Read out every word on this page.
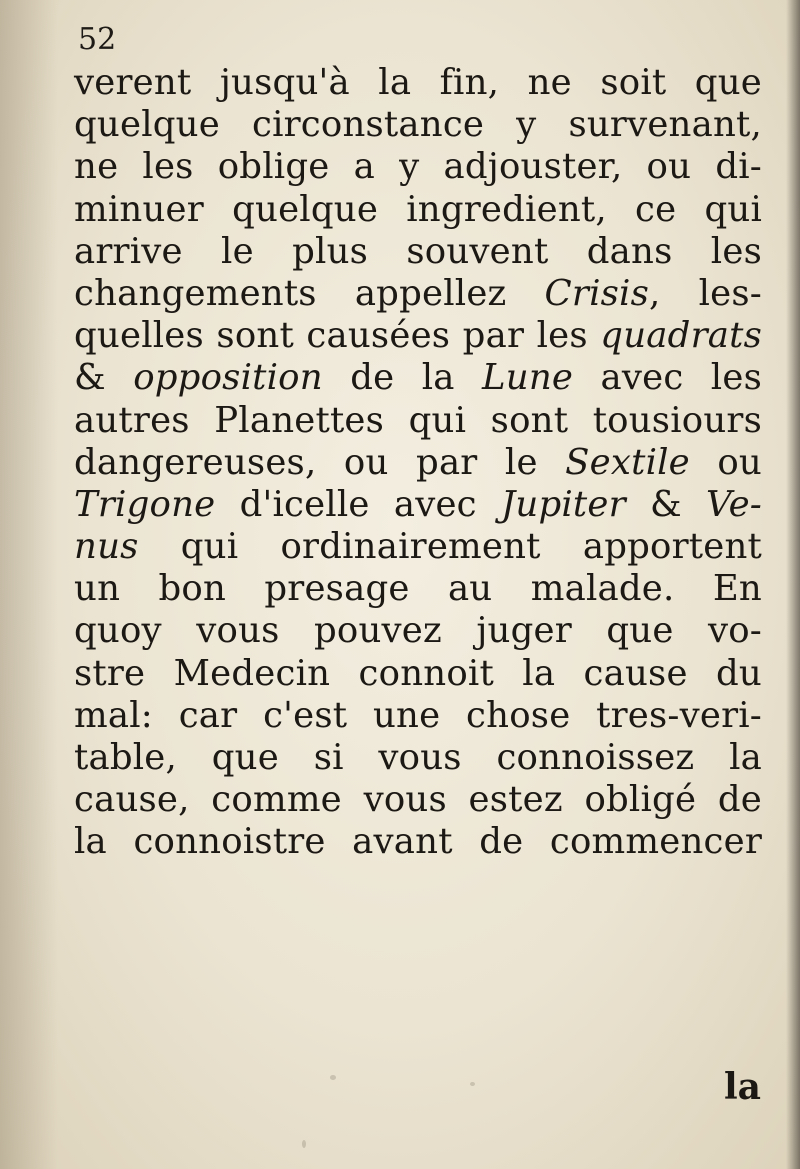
52
verent jusqu'à la fin, ne soit que
quelque circonstance y survenant,
ne les oblige a y adjouster, ou di-
minuer quelque ingredient, ce qui
arrive le plus souvent dans les
changements appellez Crisis, les-
quelles sont causées par les quadrats
& opposition de la Lune avec les
autres Planettes qui sont tousiours
dangereuses, ou par le Sextile ou
Trigone d'icelle avec Jupiter & Ve-
nus qui ordinairement apportent
un bon presage au malade. En
quoy vous pouvez juger que vo-
stre Medecin connoit la cause du
mal: car c'est une chose tres-veri-
table, que si vous connoissez la
cause, comme vous estez obligé de
la connoistre avant de commencer
la
